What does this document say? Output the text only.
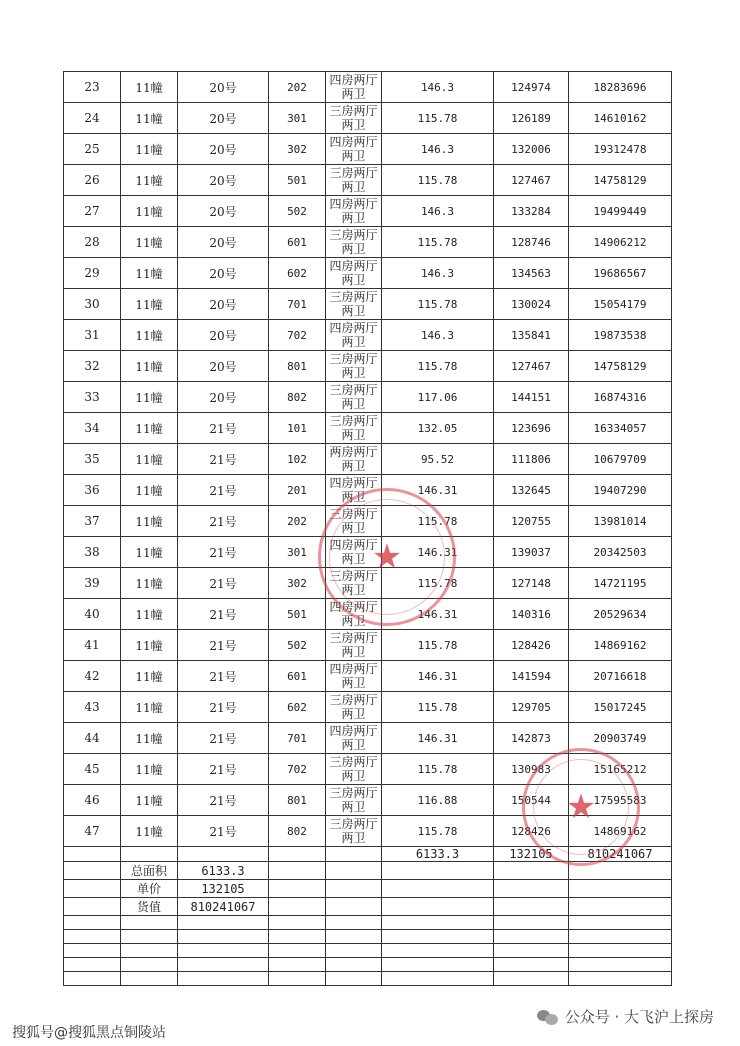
23	11幢	20号	202	四房两厅两卫	146.3	124974	18283696
24	11幢	20号	301	三房两厅两卫	115.78	126189	14610162
25	11幢	20号	302	四房两厅两卫	146.3	132006	19312478
26	11幢	20号	501	三房两厅两卫	115.78	127467	14758129
27	11幢	20号	502	四房两厅两卫	146.3	133284	19499449
28	11幢	20号	601	三房两厅两卫	115.78	128746	14906212
29	11幢	20号	602	四房两厅两卫	146.3	134563	19686567
30	11幢	20号	701	三房两厅两卫	115.78	130024	15054179
31	11幢	20号	702	四房两厅两卫	146.3	135841	19873538
32	11幢	20号	801	三房两厅两卫	115.78	127467	14758129
33	11幢	20号	802	三房两厅两卫	117.06	144151	16874316
34	11幢	21号	101	三房两厅两卫	132.05	123696	16334057
35	11幢	21号	102	两房两厅两卫	95.52	111806	10679709
36	11幢	21号	201	四房两厅两卫	146.31	132645	19407290
37	11幢	21号	202	三房两厅两卫	115.78	120755	13981014
38	11幢	21号	301	四房两厅两卫	146.31	139037	20342503
39	11幢	21号	302	三房两厅两卫	115.78	127148	14721195
40	11幢	21号	501	四房两厅两卫	146.31	140316	20529634
41	11幢	21号	502	三房两厅两卫	115.78	128426	14869162
42	11幢	21号	601	四房两厅两卫	146.31	141594	20716618
43	11幢	21号	602	三房两厅两卫	115.78	129705	15017245
44	11幢	21号	701	四房两厅两卫	146.31	142873	20903749
45	11幢	21号	702	三房两厅两卫	115.78	130983	15165212
46	11幢	21号	801	三房两厅两卫	116.88	150544	17595583
47	11幢	21号	802	三房两厅两卫	115.78	128426	14869162
					6133.3	132105	810241067
	总面积	6133.3					
	单价	132105					
	货值	810241067					

★
★
搜狐号@搜狐黑点铜陵站
公众号 · 大飞沪上探房
